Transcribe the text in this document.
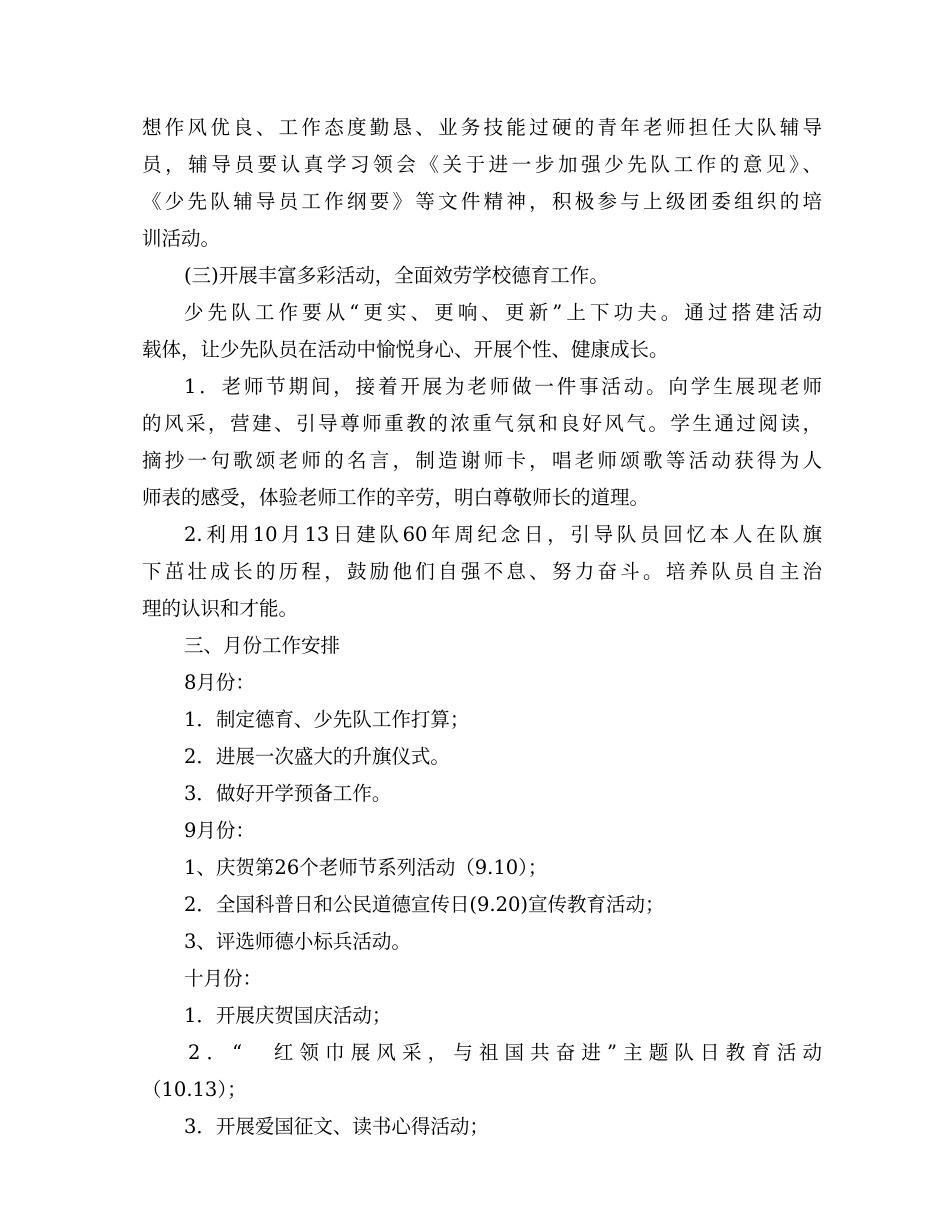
想作风优良、工作态度勤恳、业务技能过硬的青年老师担任大队辅导
员，辅导员要认真学习领会《关于进一步加强少先队工作的意见》、
《少先队辅导员工作纲要》等文件精神，积极参与上级团委组织的培
训活动。
(三)开展丰富多彩活动，全面效劳学校德育工作。
少先队工作要从“更实、更响、更新”上下功夫。通过搭建活动
载体，让少先队员在活动中愉悦身心、开展个性、健康成长。
1．老师节期间，接着开展为老师做一件事活动。向学生展现老师
的风采，营建、引导尊师重教的浓重气氛和良好风气。学生通过阅读，
摘抄一句歌颂老师的名言，制造谢师卡，唱老师颂歌等活动获得为人
师表的感受，体验老师工作的辛劳，明白尊敬师长的道理。
2.利用10月13日建队60年周纪念日，引导队员回忆本人在队旗
下茁壮成长的历程，鼓励他们自强不息、努力奋斗。培养队员自主治
理的认识和才能。
三、月份工作安排
8月份：
1．制定德育、少先队工作打算；
2．进展一次盛大的升旗仪式。
3．做好开学预备工作。
9月份：
1、庆贺第26个老师节系列活动（9.10）；
2．全国科普日和公民道德宣传日(9.20)宣传教育活动；
3、评选师德小标兵活动。
十月份：
1．开展庆贺国庆活动；
2．“　红领巾展风采，与祖国共奋进”主题队日教育活动
（10.13）；
3．开展爱国征文、读书心得活动；
